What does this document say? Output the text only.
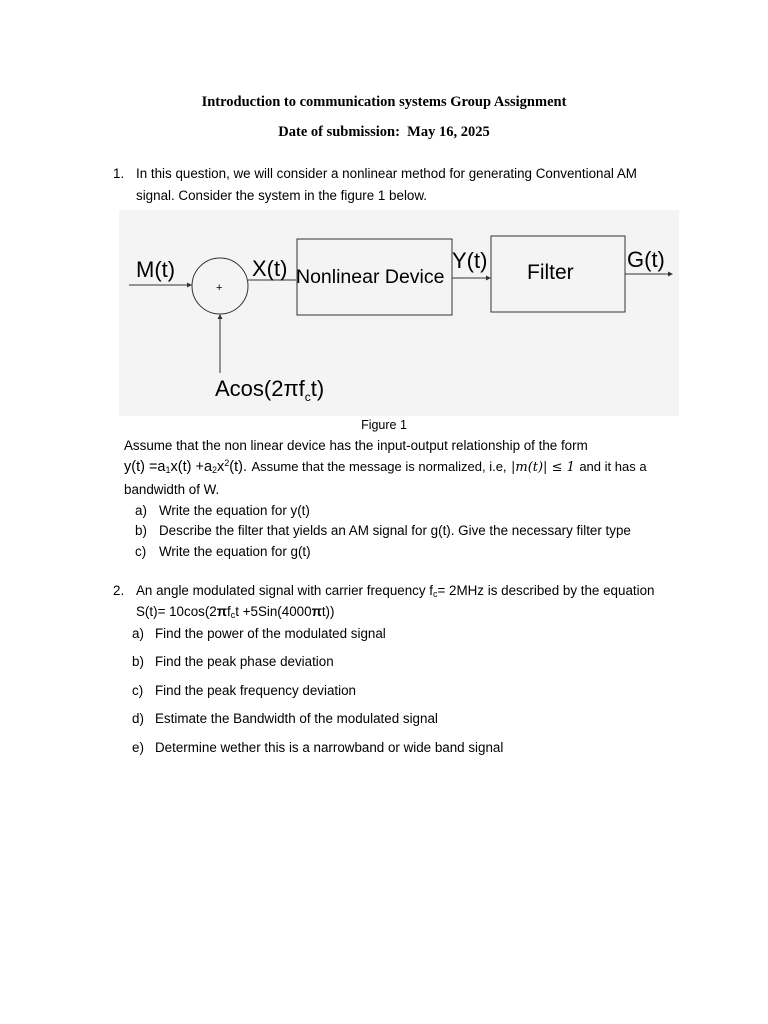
Introduction to communication systems Group Assignment
Date of submission: May 16, 2025
1. In this question, we will consider a nonlinear method for generating Conventional AM
signal. Consider the system in the figure 1 below.
M(t)
+
X(t) Nonlinear Device
Y(t) Filter
G(t)
$Acos(2\pi f_ct)$
Figure 1
Assume that the non linear device has the input-output relationship of the form
$y(t) =a_1x(t) +a_2x^2(t)$. Assume that the message is normalized, i.e, |m(t)| ≤ 1 and it has a
bandwidth of W.
a) Write the equation for y(t)
b) Describe the filter that yields an AM signal for g(t). Give the necessary filter type
c) Write the equation for g(t)
2. An angle modulated signal with carrier frequency $f_c= 2MHz$ is described by the equation
$S(t)= 10\cos(2\pi f_ct +5Sin(4000\pi t))$
a) Find the power of the modulated signal
b) Find the peak phase deviation
c) Find the peak frequency deviation
d) Estimate the Bandwidth of the modulated signal
e) Determine wether this is a narrowband or wide band signal
